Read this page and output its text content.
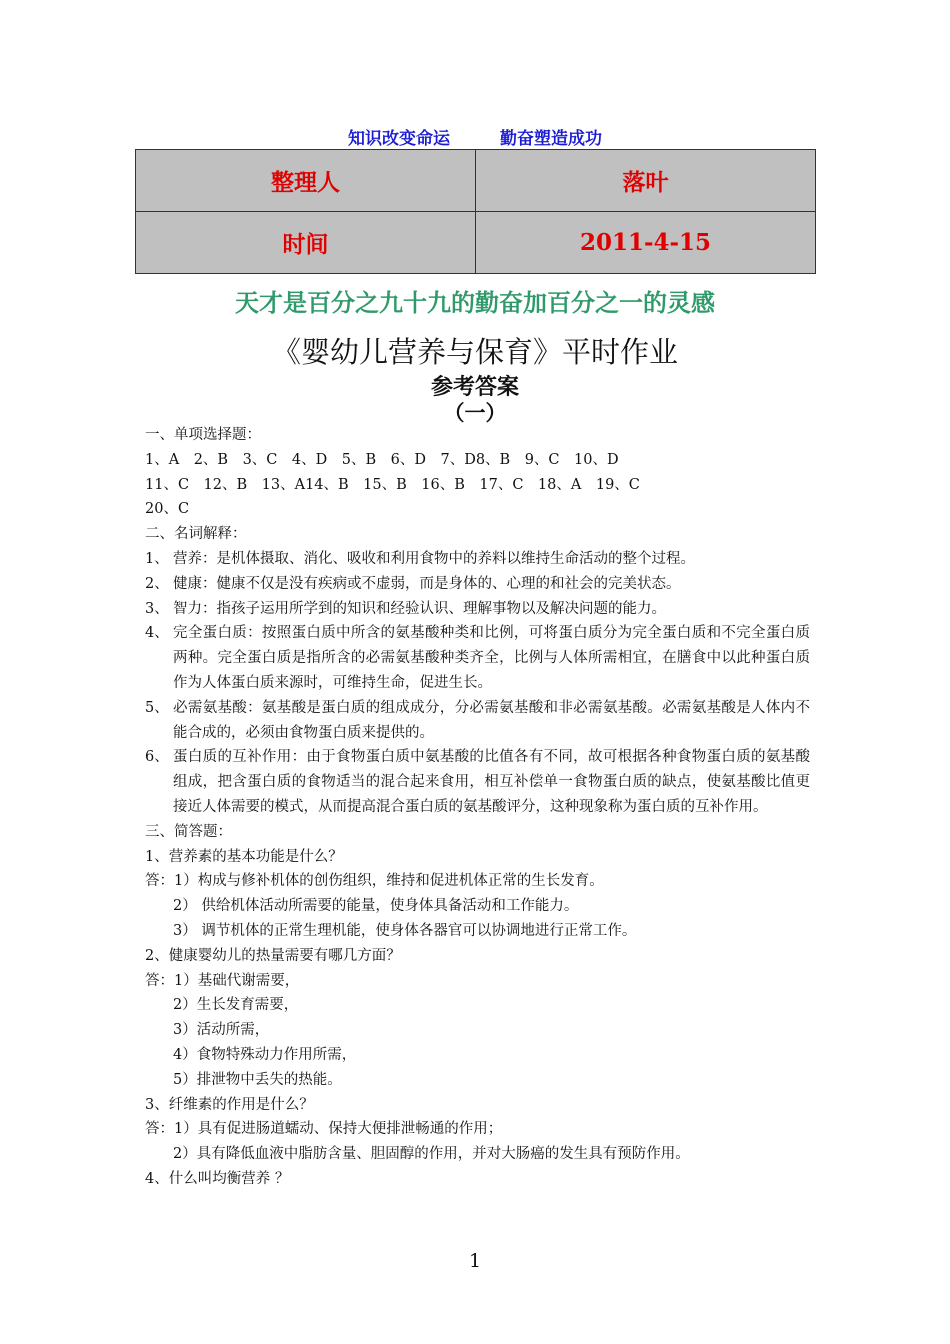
知识改变命运	勤奋塑造成功
整理人	落叶
时间	2011-4-15
天才是百分之九十九的勤奋加百分之一的灵感
《婴幼儿营养与保育》平时作业
参考答案
（一）
一、单项选择题：
1、A　2、B　3、C　4、D　5、B　6、D　7、D8、B　9、C　10、D
11、C　12、B　13、A14、B　15、B　16、B　17、C　18、A　19、C
20、C
二、名词解释：
1、 营养：是机体摄取、消化、吸收和利用食物中的养料以维持生命活动的整个过程。
2、 健康：健康不仅是没有疾病或不虚弱，而是身体的、心理的和社会的完美状态。
3、 智力：指孩子运用所学到的知识和经验认识、理解事物以及解决问题的能力。
4、 完全蛋白质：按照蛋白质中所含的氨基酸种类和比例，可将蛋白质分为完全蛋白质和不完全蛋白质两种。完全蛋白质是指所含的必需氨基酸种类齐全，比例与人体所需相宜，在膳食中以此种蛋白质作为人体蛋白质来源时，可维持生命，促进生长。
5、 必需氨基酸：氨基酸是蛋白质的组成成分，分必需氨基酸和非必需氨基酸。必需氨基酸是人体内不能合成的，必须由食物蛋白质来提供的。
6、 蛋白质的互补作用：由于食物蛋白质中氨基酸的比值各有不同，故可根据各种食物蛋白质的氨基酸组成，把含蛋白质的食物适当的混合起来食用，相互补偿单一食物蛋白质的缺点，使氨基酸比值更接近人体需要的模式，从而提高混合蛋白质的氨基酸评分，这种现象称为蛋白质的互补作用。
三、简答题：
1、营养素的基本功能是什么？
答：1）构成与修补机体的创伤组织，维持和促进机体正常的生长发育。
2） 供给机体活动所需要的能量，使身体具备活动和工作能力。
3） 调节机体的正常生理机能，使身体各器官可以协调地进行正常工作。
2、健康婴幼儿的热量需要有哪几方面？
答：1）基础代谢需要，
2）生长发育需要，
3）活动所需，
4）食物特殊动力作用所需，
5）排泄物中丢失的热能。
3、纤维素的作用是什么？
答：1）具有促进肠道蠕动、保持大便排泄畅通的作用；
2）具有降低血液中脂肪含量、胆固醇的作用，并对大肠癌的发生具有预防作用。
4、什么叫均衡营养 ？
1
